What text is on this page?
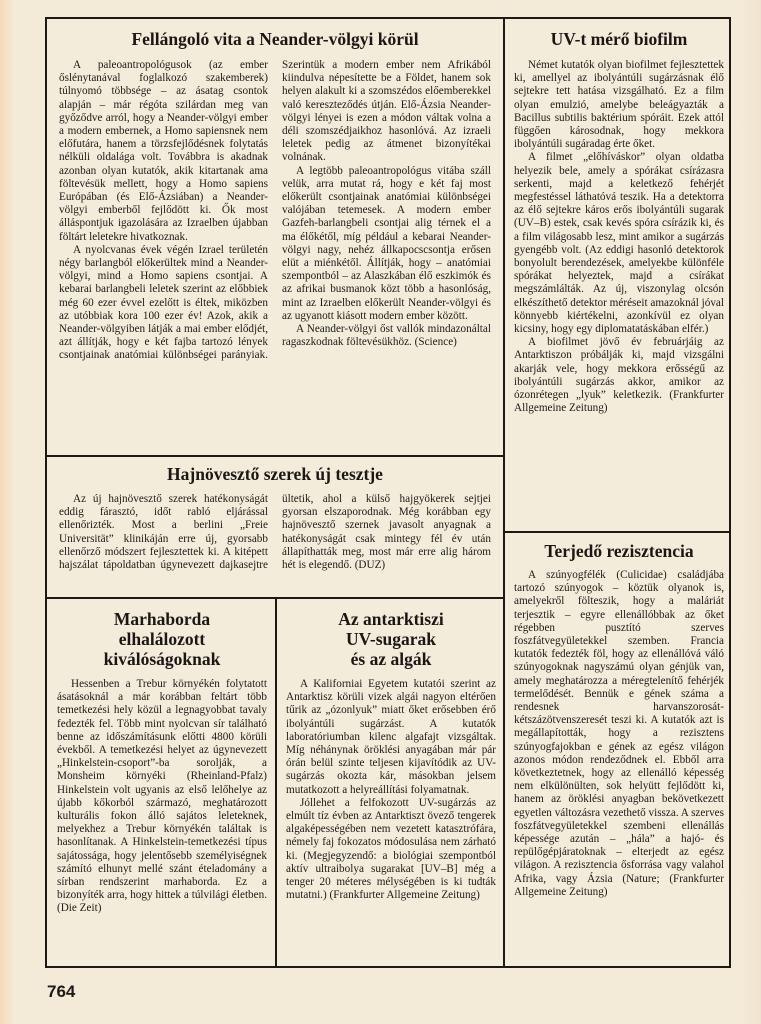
Fellángoló vita a Neander-völgyi körül

A paleoantropológusok (az ember őslénytanával foglalkozó szakemberek) túlnyomó többsége – az ásatag csontok alapján – már régóta szilárdan meg van győződve arról, hogy a Neander-völgyi ember a modern embernek, a Homo sapiensnek nem előfutára, hanem a törzsfejlődésnek folytatás nélküli oldalága volt. Továbbra is akadnak azonban olyan kutatók, akik kitartanak ama föltevésük mellett, hogy a Homo sapiens Európában (és Elő-Ázsiában) a Neander-völgyi emberből fejlődött ki. Ők most álláspontjuk igazolására az Izraelben újabban föltárt leletekre hivatkoznak.

A nyolcvanas évek végén Izrael területén négy barlangból előkerültek mind a Neander-völgyi, mind a Homo sapiens csontjai. A kebarai barlangbeli leletek szerint az előbbiek még 60 ezer évvel ezelőtt is éltek, miközben az utóbbiak kora 100 ezer év! Azok, akik a Neander-völgyiben látják a mai ember elődjét, azt állítják, hogy e két fajba tartozó lények csontjainak anatómiai különbségei parányiak. Szerintük a modern ember nem Afrikából kiindulva népesítette be a Földet, hanem sok helyen alakult ki a szomszédos előemberekkel való kereszteződés útján. Elő-Ázsia Neander-völgyi lényei is ezen a módon váltak volna a déli szomszédjaikhoz hasonlóvá. Az izraeli leletek pedig az átmenet bizonyítékai volnának.

A legtöbb paleoantropológus vitába száll velük, arra mutat rá, hogy e két faj most előkerült csontjainak anatómiai különbségei valójában tetemesek. A modern ember Gazfeh-barlangbeli csontjai alig térnek el a ma élőkétől, míg például a kebarai Neander-völgyi nagy, nehéz állkapocscsontja erősen elüt a miénkétől. Állítják, hogy – anatómiai szempontból – az Alaszkában élő eszkimók és az afrikai busmanok közt több a hasonlóság, mint az Izraelben előkerült Neander-völgyi és az ugyanott kiásott modern ember között.

A Neander-völgyi őst vallók mindazonáltal ragaszkodnak föltevésükhöz. (Science)

UV-t mérő biofilm

Német kutatók olyan biofilmet fejlesztettek ki, amellyel az ibolyántúli sugárzásnak élő sejtekre tett hatása vizsgálható. Ez a film olyan emulzió, amelybe beleágyazták a Bacillus subtilis baktérium spóráit. Ezek attól függően károsodnak, hogy mekkora ibolyántúli sugáradag érte őket.

A filmet „előhíváskor” olyan oldatba helyezik bele, amely a spórákat csírázasra serkenti, majd a keletkező fehérjét megfestéssel láthatóvá teszik. Ha a detektorra az élő sejtekre káros erős ibolyántúli sugarak (UV–B) estek, csak kevés spóra csírázik ki, és a film világosabb lesz, mint amikor a sugárzás gyengébb volt. (Az eddigi hasonló detektorok bonyolult berendezések, amelyekbe különféle spórákat helyeztek, majd a csírákat megszámlálták. Az új, viszonylag olcsón elkészíthető detektor méréseit amazoknál jóval könnyebb kiértékelni, azonkívül ez olyan kicsiny, hogy egy diplomatatáskában elfér.)

A biofilmet jövő év februárjáig az Antarktiszon próbálják ki, majd vizsgálni akarják vele, hogy mekkora erősségű az ibolyántúli sugárzás akkor, amikor az ózonrétegen „lyuk” keletkezik. (Frankfurter Allgemeine Zeitung)

Hajnövesztő szerek új tesztje

Az új hajnövesztő szerek hatékonyságát eddig fárasztó, időt rabló eljárással ellenőrizték. Most a berlini „Freie Universität” klinikáján erre új, gyorsabb ellenőrző módszert fejlesztettek ki. A kitépett hajszálat tápoldatban úgynevezett dajkasejtre ültetik, ahol a külső hajgyökerek sejtjei gyorsan elszaporodnak. Még korábban egy hajnövesztő szernek javasolt anyagnak a hatékonyságát csak mintegy fél év után állapíthatták meg, most már erre alig három hét is elegendő. (DUZ)

Terjedő rezisztencia

A szúnyogfélék (Culicidae) családjába tartozó szúnyogok – köztük olyanok is, amelyekről fölteszik, hogy a maláriát terjesztik – egyre ellenállóbbak az őket régebben pusztító szerves foszfátvegyületekkel szemben. Francia kutatók fedezték föl, hogy az ellenállóvá váló szúnyogoknak nagyszámú olyan génjük van, amely meghatározza a méregtelenítő fehérjék termelődését. Bennük e gének száma a rendesnek harvanszorosát-kétszázötvenszeresét teszi ki. A kutatók azt is megállapították, hogy a rezisztens szúnyogfajokban e gének az egész világon azonos módon rendeződnek el. Ebből arra következtetnek, hogy az ellenálló képesség nem elkülönülten, sok helyütt fejlődött ki, hanem az öröklési anyagban bekövetkezett egyetlen változásra vezethető vissza. A szerves foszfátvegyületekkel szembeni ellenállás képessége azután – „hála” a hajó- és repülőgépjáratoknak – elterjedt az egész világon. A rezisztencia ősforrása vagy valahol Afrika, vagy Ázsia (Nature; (Frankfurter Allgemeine Zeitung)

Marhaborda
elhalálozott
kiválóságoknak

Hessenben a Trebur környékén folytatott ásatásoknál a már korábban feltárt több temetkezési hely közül a legnagyobbat tavaly fedezték fel. Több mint nyolcvan sír található benne az időszámításunk előtti 4800 körüli évekből. A temetkezési helyet az úgynevezett „Hinkelstein-csoport”-ba sorolják, a Monsheim környéki (Rheinland-Pfalz) Hinkelstein volt ugyanis az első lelőhelye az újabb kőkorból származó, meghatározott kulturális fokon álló sajátos leleteknek, melyekhez a Trebur környékén találtak is hasonlítanak. A Hinkelstein-temetkezési típus sajátossága, hogy jelentősebb személyiségnek számító elhunyt mellé szánt ételadomány a sírban rendszerint marhaborda. Ez a bizonyíték arra, hogy hittek a túlvilági életben. (Die Zeit)

Az antarktiszi
UV-sugarak
és az algák

A Kaliforniai Egyetem kutatói szerint az Antarktisz körüli vizek algái nagyon eltérően tűrik az „ózonlyuk” miatt őket erősebben érő ibolyántúli sugárzást. A kutatók laboratóriumban kilenc algafajt vizsgáltak. Míg néhánynak öröklési anyagában már pár órán belül szinte teljesen kijavítódik az UV-sugárzás okozta kár, másokban jelsem mutatkozott a helyreállítási folyamatnak.

Jóllehet a felfokozott UV-sugárzás az elmúlt tíz évben az Antarktiszt övező tengerek algaképességében nem vezetett katasztrófára, némely faj fokozatos módosulása nem zárható ki. (Megjegyzendő: a biológiai szempontból aktív ultraibolya sugarakat [UV–B] még a tenger 20 méteres mélységében is ki tudták mutatni.) (Frankfurter Allgemeine Zeitung)

764
